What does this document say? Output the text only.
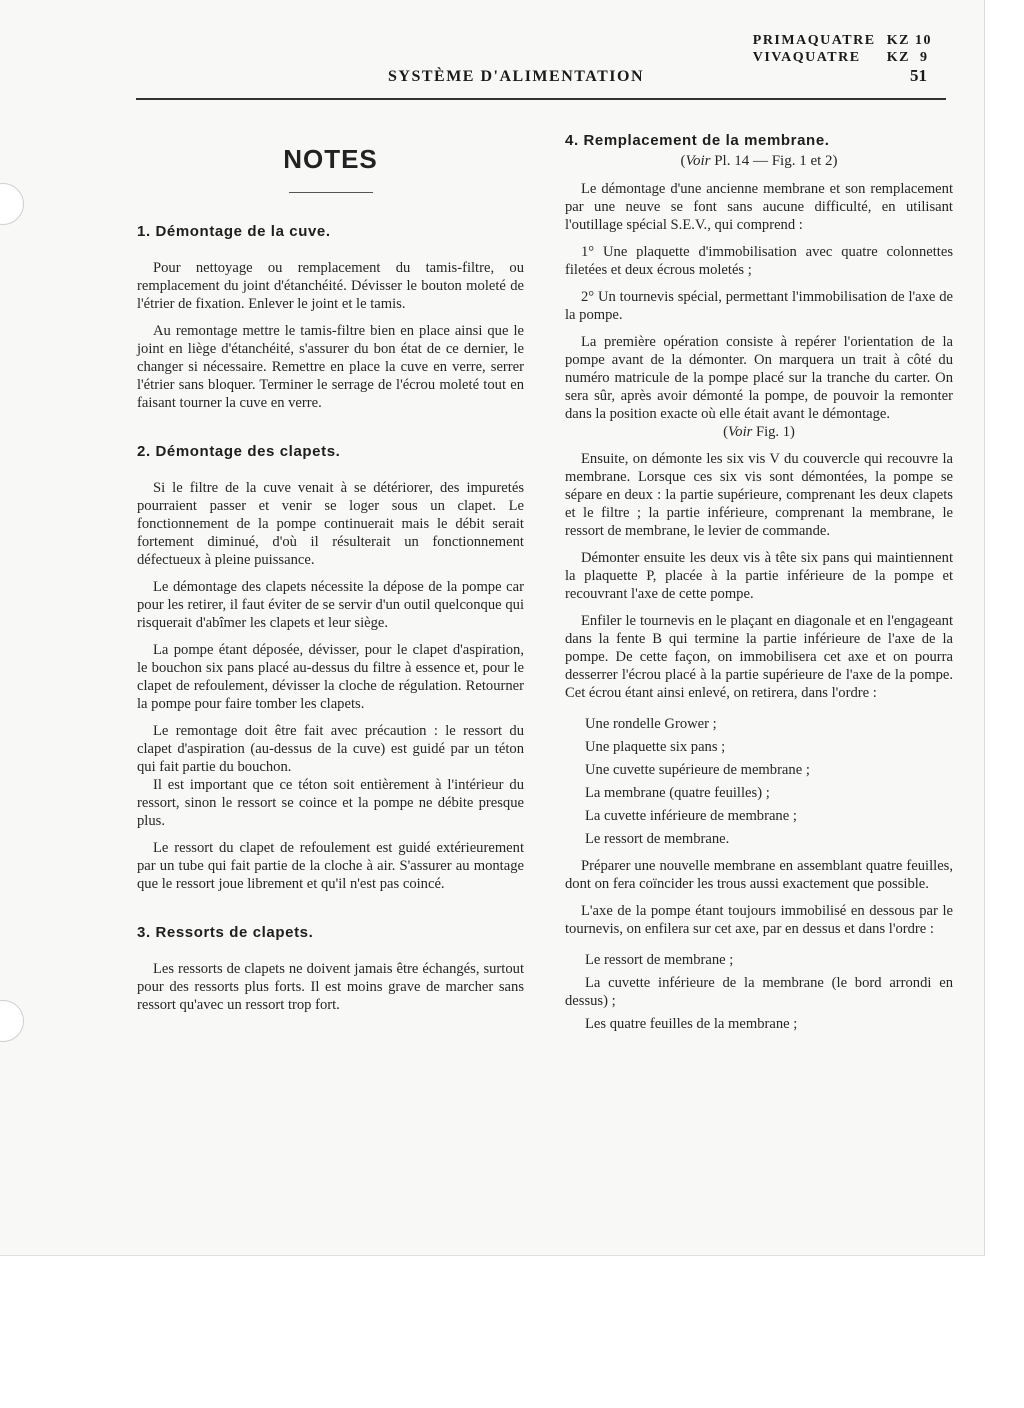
PRIMAQUATRE KZ 10
VIVAQUATRE	KZ  9
SYSTÈME D'ALIMENTATION	51
NOTES
1. Démontage de la cuve.

Pour nettoyage ou remplacement du tamis-filtre, ou remplacement du joint d'étanchéité. Dévisser le bouton moleté de l'étrier de fixation. Enlever le joint et le tamis.

Au remontage mettre le tamis-filtre bien en place ainsi que le joint en liège d'étanchéité, s'assurer du bon état de ce dernier, le changer si nécessaire. Remettre en place la cuve en verre, serrer l'étrier sans bloquer. Terminer le serrage de l'écrou moleté tout en faisant tourner la cuve en verre.

2. Démontage des clapets.

Si le filtre de la cuve venait à se détériorer, des impuretés pourraient passer et venir se loger sous un clapet. Le fonctionnement de la pompe continuerait mais le débit serait fortement diminué, d'où il résulterait un fonctionnement défectueux à pleine puissance.

Le démontage des clapets nécessite la dépose de la pompe car pour les retirer, il faut éviter de se servir d'un outil quelconque qui risquerait d'abîmer les clapets et leur siège.

La pompe étant déposée, dévisser, pour le clapet d'aspiration, le bouchon six pans placé au-dessus du filtre à essence et, pour le clapet de refoulement, dévisser la cloche de régulation. Retourner la pompe pour faire tomber les clapets.

Le remontage doit être fait avec précaution : le ressort du clapet d'aspiration (au-dessus de la cuve) est guidé par un téton qui fait partie du bouchon.

Il est important que ce téton soit entièrement à l'intérieur du ressort, sinon le ressort se coince et la pompe ne débite presque plus.

Le ressort du clapet de refoulement est guidé extérieurement par un tube qui fait partie de la cloche à air. S'assurer au montage que le ressort joue librement et qu'il n'est pas coincé.

3. Ressorts de clapets.

Les ressorts de clapets ne doivent jamais être échangés, surtout pour des ressorts plus forts. Il est moins grave de marcher sans ressort qu'avec un ressort trop fort.

4. Remplacement de la membrane.
(Voir Pl. 14 — Fig. 1 et 2)

Le démontage d'une ancienne membrane et son remplacement par une neuve se font sans aucune difficulté, en utilisant l'outillage spécial S.E.V., qui comprend :

1° Une plaquette d'immobilisation avec quatre colonnettes filetées et deux écrous moletés ;

2° Un tournevis spécial, permettant l'immobilisation de l'axe de la pompe.

La première opération consiste à repérer l'orientation de la pompe avant de la démonter. On marquera un trait à côté du numéro matricule de la pompe placé sur la tranche du carter. On sera sûr, après avoir démonté la pompe, de pouvoir la remonter dans la position exacte où elle était avant le démontage.

(Voir Fig. 1)

Ensuite, on démonte les six vis V du couvercle qui recouvre la membrane. Lorsque ces six vis sont démontées, la pompe se sépare en deux : la partie supérieure, comprenant les deux clapets et le filtre ; la partie inférieure, comprenant la membrane, le ressort de membrane, le levier de commande.

Démonter ensuite les deux vis à tête six pans qui maintiennent la plaquette P, placée à la partie inférieure de la pompe et recouvrant l'axe de cette pompe.

Enfiler le tournevis en le plaçant en diagonale et en l'engageant dans la fente B qui termine la partie inférieure de l'axe de la pompe. De cette façon, on immobilisera cet axe et on pourra desserrer l'écrou placé à la partie supérieure de l'axe de la pompe. Cet écrou étant ainsi enlevé, on retirera, dans l'ordre :

Une rondelle Grower ;

Une plaquette six pans ;

Une cuvette supérieure de membrane ;

La membrane (quatre feuilles) ;

La cuvette inférieure de membrane ;

Le ressort de membrane.

Préparer une nouvelle membrane en assemblant quatre feuilles, dont on fera coïncider les trous aussi exactement que possible.

L'axe de la pompe étant toujours immobilisé en dessous par le tournevis, on enfilera sur cet axe, par en dessus et dans l'ordre :

Le ressort de membrane ;

La cuvette inférieure de la membrane (le bord arrondi en dessus) ;

Les quatre feuilles de la membrane ;
